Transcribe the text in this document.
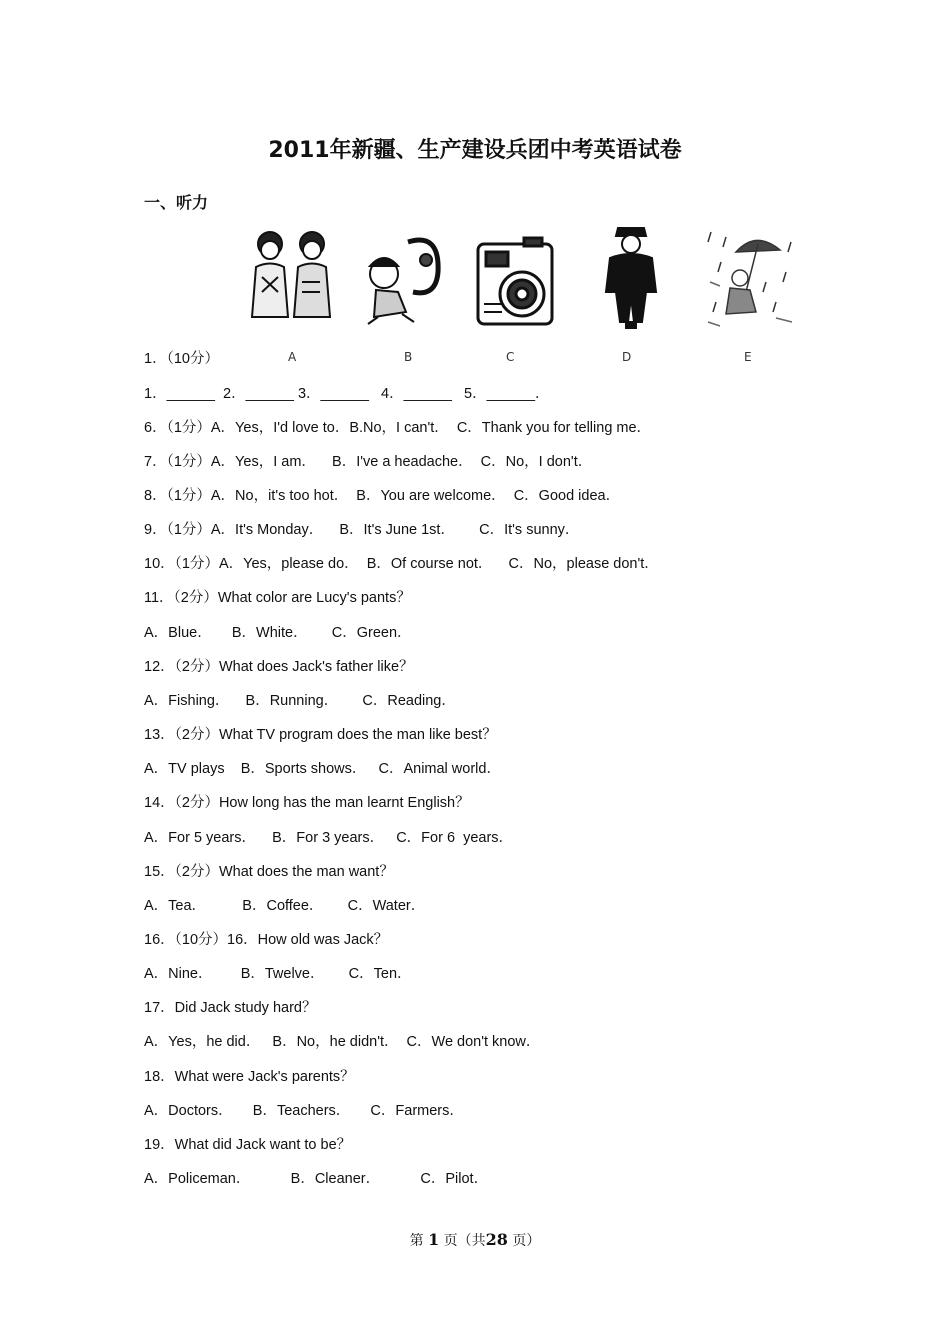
2011年新疆、生产建设兵团中考英语试卷
一、听力
A	B	C	D	E
1．（10分）
1．______  2．______ 3．______   4．______   5．______．
6．（1分）A．Yes，I'd love to．B.No，I can't．  C．Thank you for telling me．
7．（1分）A．Yes，I am．    B．I've a headache．  C．No，I don't．
8．（1分）A．No，it's too hot．  B．You are welcome．  C．Good idea．
9．（1分）A．It's Monday．    B．It's June 1st．      C．It's sunny．
10．（1分）A．Yes，please do．  B．Of course not．    C．No，please don't．
11．（2分）What color are Lucy's pants？
A．Blue．     B．White．      C．Green．
12．（2分）What does Jack's father like？
A．Fishing．    B．Running．      C．Reading．
13．（2分）What TV program does the man like best？
A．TV plays    B．Sports shows．   C．Animal world．
14．（2分）How long has the man learnt English？
A．For 5 years．    B．For 3 years．   C．For 6  years．
15．（2分）What does the man want？
A．Tea．         B．Coffee．      C．Water．
16．（10分）16．How old was Jack？
A．Nine．       B．Twelve．      C．Ten．
17．Did Jack study hard？
A．Yes，he did．   B．No，he didn't．  C．We don't know．
18．What were Jack's parents？
A．Doctors．     B．Teachers．     C．Farmers．
19．What did Jack want to be？
A．Policeman．          B．Cleaner．          C．Pilot．
第 1 页（共28 页）
